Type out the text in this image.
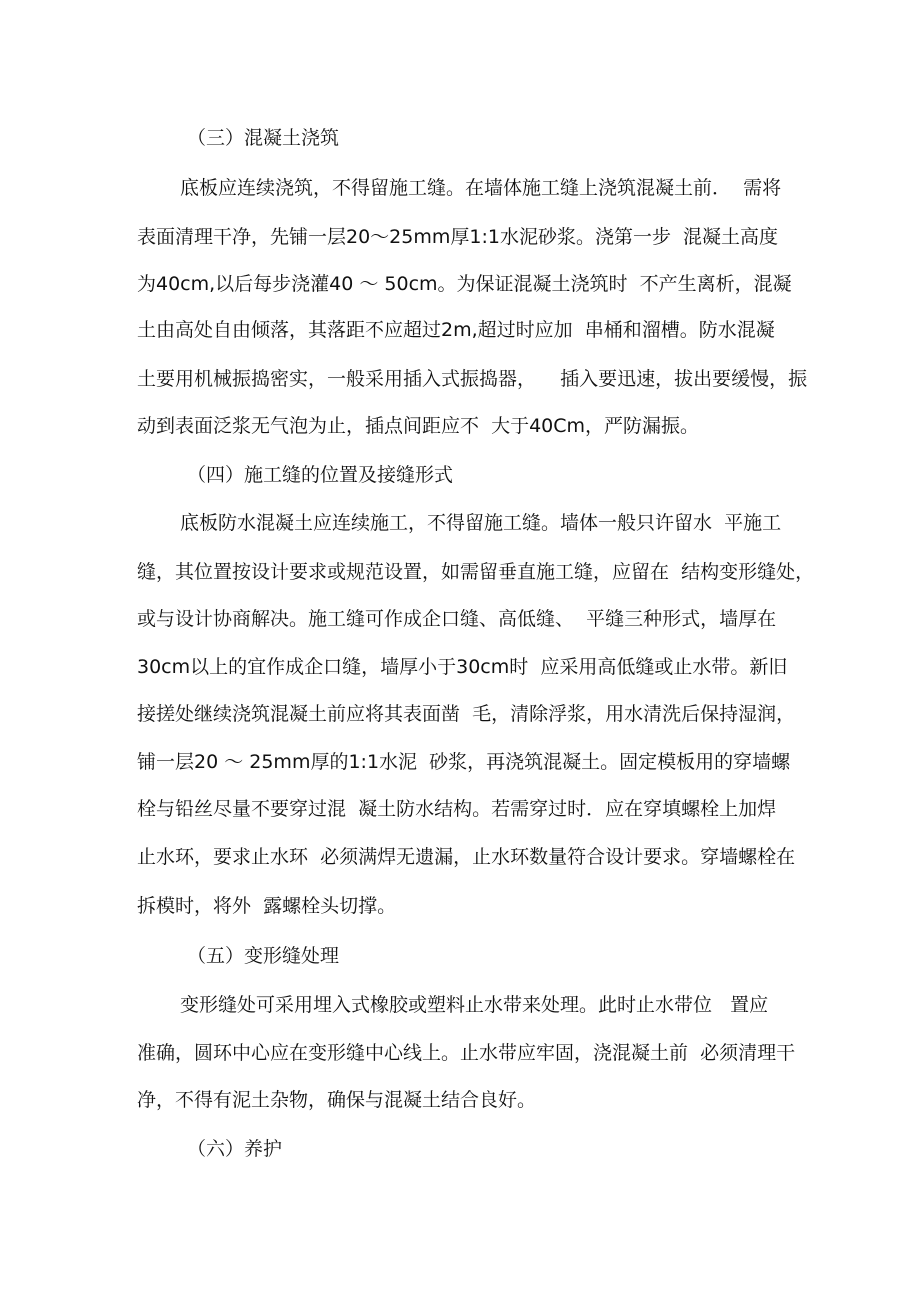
（三）混凝土浇筑
底板应连续浇筑，不得留施工缝。在墙体施工缝上浇筑混凝土前．  需将
表面清理干净，先铺一层20～25mm厚1:1水泥砂浆。浇第一步  混凝土高度
为40cm,以后每步浇灌40 ～ 50cm。为保证混凝土浇筑时  不产生离析，混凝
土由高处自由倾落，其落距不应超过2m,超过时应加  串桶和溜槽。防水混凝
土要用机械振捣密实，一般采用插入式振捣器，    插入要迅速，拔出要缓慢，振
动到表面泛浆无气泡为止，插点间距应不  大于40Cm，严防漏振。
（四）施工缝的位置及接缝形式
底板防水混凝土应连续施工，不得留施工缝。墙体一般只许留水  平施工
缝，其位置按设计要求或规范设置，如需留垂直施工缝，应留在  结构变形缝处，
或与设计协商解决。施工缝可作成企口缝、高低缝、  平缝三种形式，墙厚在
30cm以上的宜作成企口缝，墙厚小于30cm时  应采用高低缝或止水带。新旧
接搓处继续浇筑混凝土前应将其表面凿  毛，清除浮浆，用水清洗后保持湿润，
铺一层20 ～ 25mm厚的1:1水泥  砂浆，再浇筑混凝土。固定模板用的穿墙螺
栓与铅丝尽量不要穿过混  凝土防水结构。若需穿过时．应在穿填螺栓上加焊
止水环，要求止水环  必须满焊无遗漏，止水环数量符合设计要求。穿墙螺栓在
拆模时，将外  露螺栓头切撑。
（五）变形缝处理
变形缝处可采用埋入式橡胶或塑料止水带来处理。此时止水带位   置应
准确，圆环中心应在变形缝中心线上。止水带应牢固，浇混凝土前  必须清理干
净，不得有泥土杂物，确保与混凝土结合良好。
（六）养护
